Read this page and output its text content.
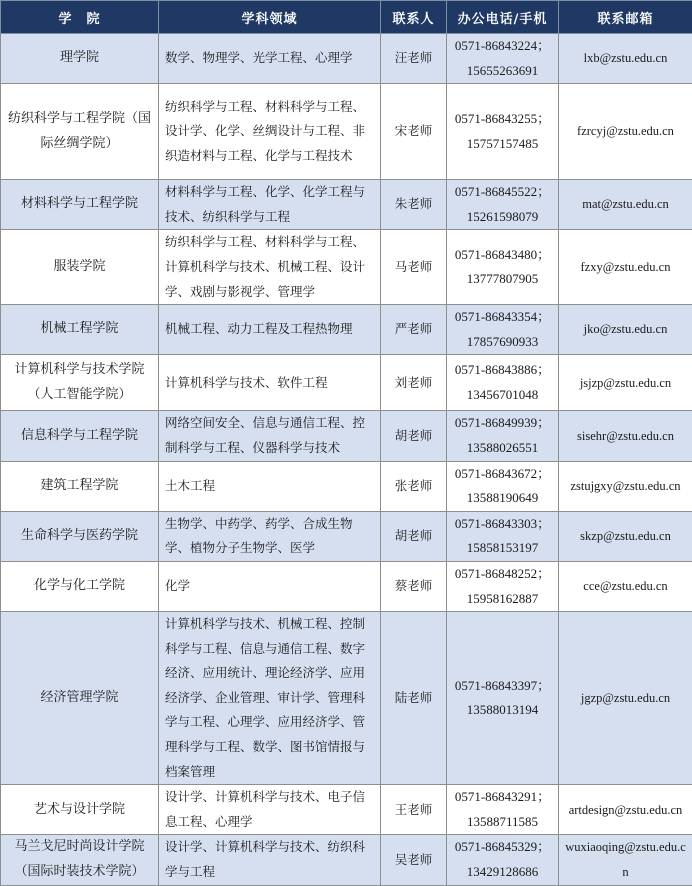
学　院	学科领域	联系人	办公电话/手机	联系邮箱
理学院	数学、物理学、光学工程、心理学	汪老师	0571-86843224；15655263691	lxb@zstu.edu.cn
纺织科学与工程学院（国际丝绸学院）	纺织科学与工程、材料科学与工程、设计学、化学、丝绸设计与工程、非织造材料与工程、化学与工程技术	宋老师	0571-86843255；15757157485	fzrcyj@zstu.edu.cn
材料科学与工程学院	材料科学与工程、化学、化学工程与技术、纺织科学与工程	朱老师	0571-86845522；15261598079	mat@zstu.edu.cn
服装学院	纺织科学与工程、材料科学与工程、计算机科学与技术、机械工程、设计学、戏剧与影视学、管理学	马老师	0571-86843480；13777807905	fzxy@zstu.edu.cn
机械工程学院	机械工程、动力工程及工程热物理	严老师	0571-86843354；17857690933	jko@zstu.edu.cn
计算机科学与技术学院（人工智能学院）	计算机科学与技术、软件工程	刘老师	0571-86843886；13456701048	jsjzp@zstu.edu.cn
信息科学与工程学院	网络空间安全、信息与通信工程、控制科学与工程、仪器科学与技术	胡老师	0571-86849939；13588026551	sisehr@zstu.edu.cn
建筑工程学院	土木工程	张老师	0571-86843672；13588190649	zstujgxy@zstu.edu.cn
生命科学与医药学院	生物学、中药学、药学、合成生物学、植物分子生物学、医学	胡老师	0571-86843303；15858153197	skzp@zstu.edu.cn
化学与化工学院	化学	蔡老师	0571-86848252；15958162887	cce@zstu.edu.cn
经济管理学院	计算机科学与技术、机械工程、控制科学与工程、信息与通信工程、数字经济、应用统计、理论经济学、应用经济学、企业管理、审计学、管理科学与工程、心理学、应用经济学、管理科学与工程、数学、图书馆情报与档案管理	陆老师	0571-86843397；13588013194	jgzp@zstu.edu.cn
艺术与设计学院	设计学、计算机科学与技术、电子信息工程、心理学	王老师	0571-86843291；13588711585	artdesign@zstu.edu.cn
马兰戈尼时尚设计学院（国际时装技术学院）	设计学、计算机科学与技术、纺织科学与工程	吴老师	0571-86845329；13429128686	wuxiaoqing@zstu.edu.cn
